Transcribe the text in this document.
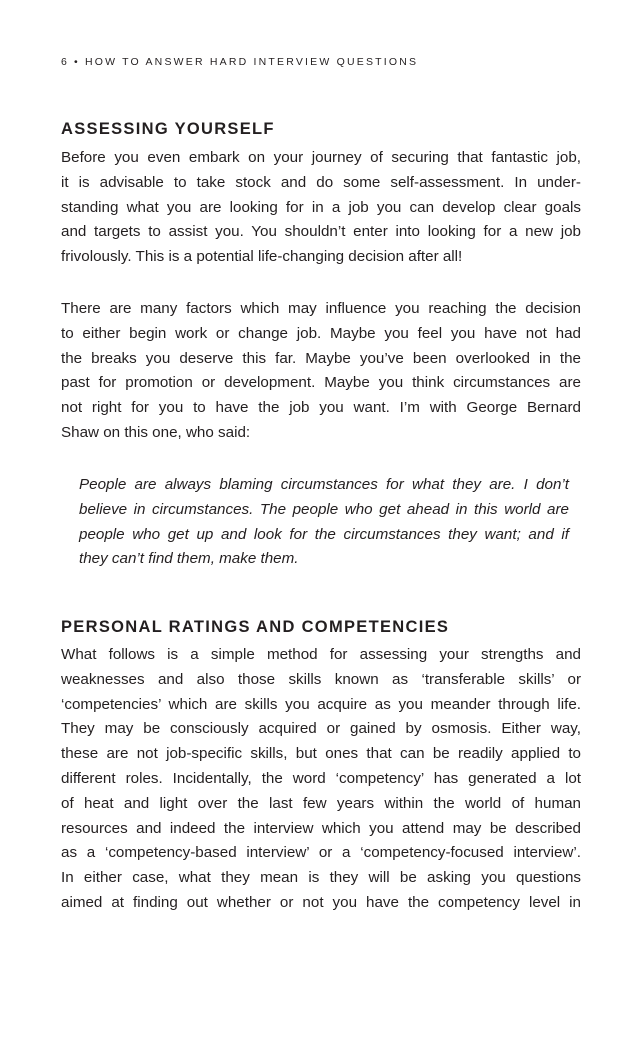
6 • HOW TO ANSWER HARD INTERVIEW QUESTIONS
ASSESSING YOURSELF
Before you even embark on your journey of securing that fantastic job,
it is advisable to take stock and do some self-assessment. In under-
standing what you are looking for in a job you can develop clear goals
and targets to assist you. You shouldn’t enter into looking for a new job
frivolously. This is a potential life-changing decision after all!
There are many factors which may influence you reaching the decision
to either begin work or change job. Maybe you feel you have not had
the breaks you deserve this far. Maybe you’ve been overlooked in the
past for promotion or development. Maybe you think circumstances are
not right for you to have the job you want. I’m with George Bernard
Shaw on this one, who said:
People are always blaming circumstances for what they are. I don’t
believe in circumstances. The people who get ahead in this world are
people who get up and look for the circumstances they want; and if
they can’t find them, make them.
PERSONAL RATINGS AND COMPETENCIES
What follows is a simple method for assessing your strengths and
weaknesses and also those skills known as ‘transferable skills’ or
‘competencies’ which are skills you acquire as you meander through life.
They may be consciously acquired or gained by osmosis. Either way,
these are not job-specific skills, but ones that can be readily applied to
different roles. Incidentally, the word ‘competency’ has generated a lot
of heat and light over the last few years within the world of human
resources and indeed the interview which you attend may be described
as a ‘competency-based interview’ or a ‘competency-focused interview’.
In either case, what they mean is they will be asking you questions
aimed at finding out whether or not you have the competency level in
